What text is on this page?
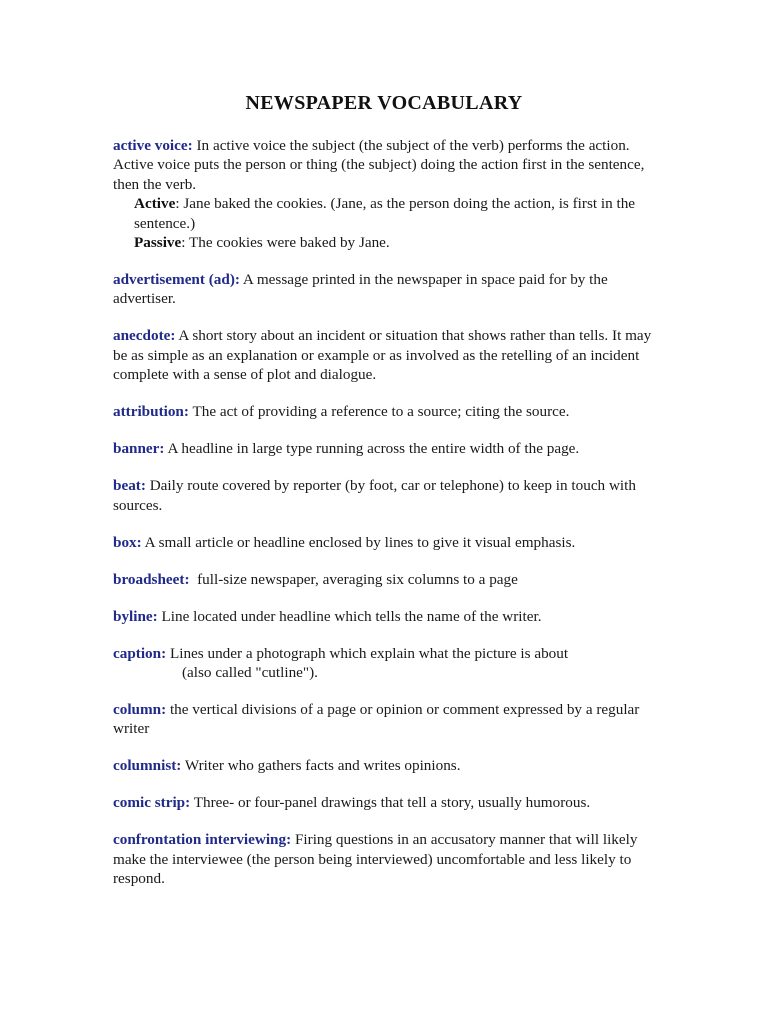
NEWSPAPER VOCABULARY
active voice: In active voice the subject (the subject of the verb) performs the action. Active voice puts the person or thing (the subject) doing the action first in the sentence, then the verb.
Active: Jane baked the cookies. (Jane, as the person doing the action, is first in the sentence.)
Passive: The cookies were baked by Jane.
advertisement (ad): A message printed in the newspaper in space paid for by the advertiser.
anecdote: A short story about an incident or situation that shows rather than tells. It may be as simple as an explanation or example or as involved as the retelling of an incident complete with a sense of plot and dialogue.
attribution: The act of providing a reference to a source; citing the source.
banner: A headline in large type running across the entire width of the page.
beat: Daily route covered by reporter (by foot, car or telephone) to keep in touch with sources.
box: A small article or headline enclosed by lines to give it visual emphasis.
broadsheet: full-size newspaper, averaging six columns to a page
byline: Line located under headline which tells the name of the writer.
caption: Lines under a photograph which explain what the picture is about
(also called "cutline").
column: the vertical divisions of a page or opinion or comment expressed by a regular writer
columnist: Writer who gathers facts and writes opinions.
comic strip: Three- or four-panel drawings that tell a story, usually humorous.
confrontation interviewing: Firing questions in an accusatory manner that will likely make the interviewee (the person being interviewed) uncomfortable and less likely to respond.
